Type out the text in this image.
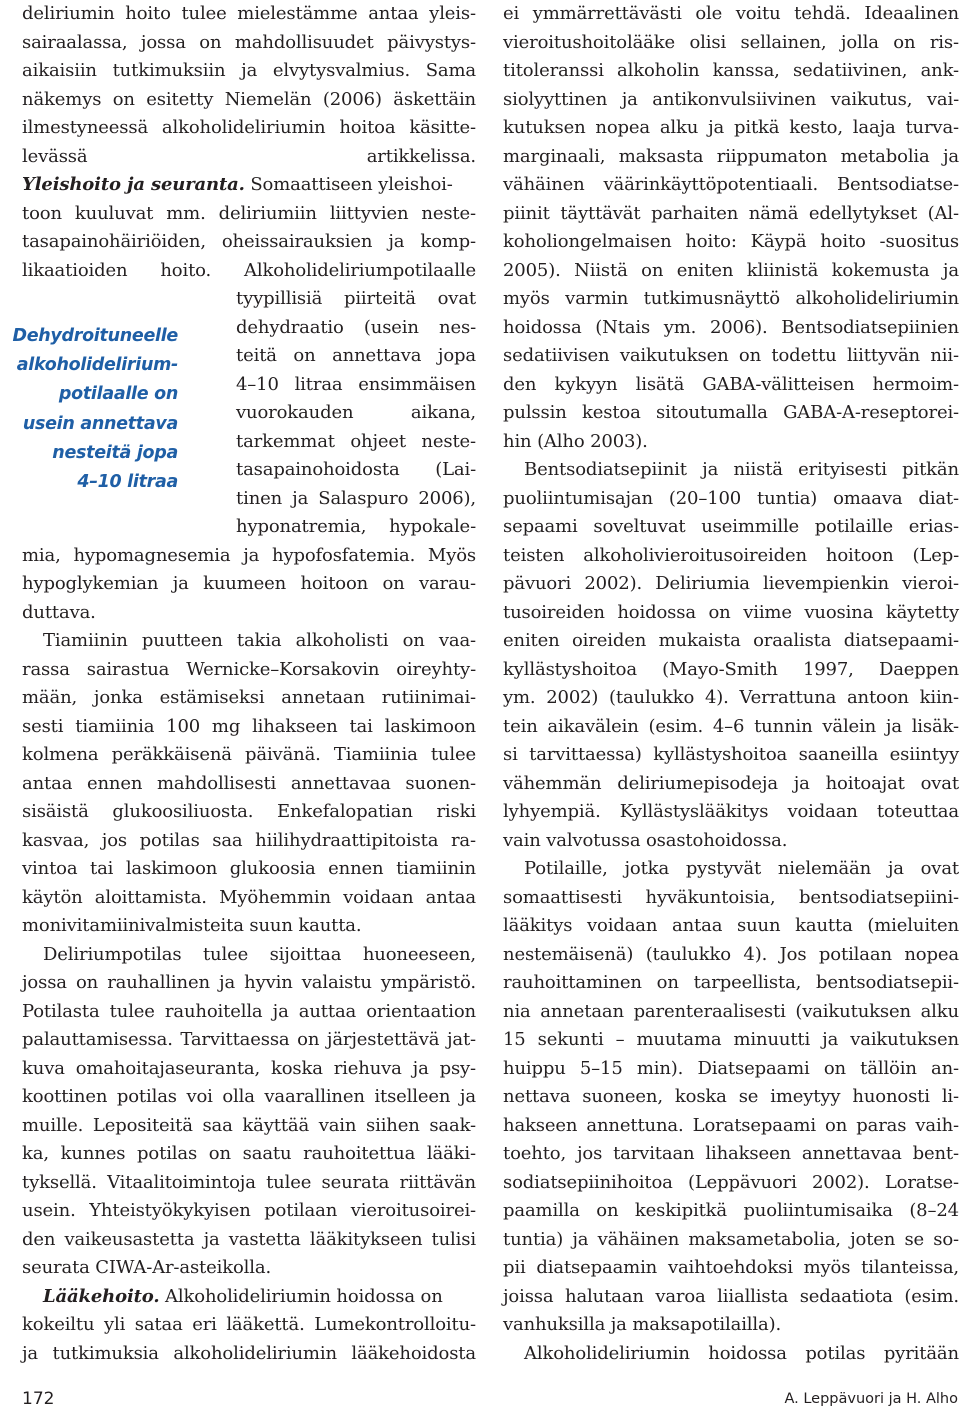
deliriumin hoito tulee mielestämme antaa yleis-
sairaalassa, jossa on mahdollisuudet päivystys-
aikaisiin tutkimuksiin ja elvytysvalmius. Sama
näkemys on esitetty Niemelän (2006) äskettäin
ilmestyneessä alkoholideliriumin hoitoa käsitte-
levässä	artikkelissa.
Yleishoito ja seuranta. Somaattiseen yleishoi-
toon kuuluvat mm. deliriumiin liittyvien neste-
tasapainohäiriöiden, oheissairauksien ja komp-
likaatioiden hoito. Alkoholideliriumpotilaalle
tyypillisiä piirteitä ovat
dehydraatio (usein nes-
teitä on annettava jopa
4–10 litraa ensimmäisen
vuorokauden	aikana,
tarkemmat ohjeet neste-
tasapainohoidosta (Lai-
tinen ja Salaspuro 2006),
hyponatremia, hypokale-
mia, hypomagnesemia ja hypofosfatemia. Myös
hypoglykemian ja kuumeen hoitoon on varau-
duttava.
Tiamiinin puutteen takia alkoholisti on vaa-
rassa sairastua Wernicke–Korsakovin oireyhty-
mään, jonka estämiseksi annetaan rutiinimai-
sesti tiamiinia 100 mg lihakseen tai laskimoon
kolmena peräkkäisenä päivänä. Tiamiinia tulee
antaa ennen mahdollisesti annettavaa suonen-
sisäistä glukoosiliuosta. Enkefalopatian riski
kasvaa, jos potilas saa hiilihydraattipitoista ra-
vintoa tai laskimoon glukoosia ennen tiamiinin
käytön aloittamista. Myöhemmin voidaan antaa
monivitamiinivalmisteita suun kautta.
Deliriumpotilas tulee sijoittaa huoneeseen,
jossa on rauhallinen ja hyvin valaistu ympäristö.
Potilasta tulee rauhoitella ja auttaa orientaation
palauttamisessa. Tarvittaessa on järjestettävä jat-
kuva omahoitajaseuranta, koska riehuva ja psy-
koottinen potilas voi olla vaarallinen itselleen ja
muille. Lepositeitä saa käyttää vain siihen saak-
ka, kunnes potilas on saatu rauhoitettua lääki-
tyksellä. Vitaalitoimintoja tulee seurata riittävän
usein. Yhteistyökykyisen potilaan vieroitusoirei-
den vaikeusastetta ja vastetta lääkitykseen tulisi
seurata CIWA-Ar-asteikolla.
Lääkehoito. Alkoholideliriumin hoidossa on
kokeiltu yli sataa eri lääkettä. Lumekontrolloitu-
ja tutkimuksia alkoholideliriumin lääkehoidosta
Dehydroituneelle
alkoholidelirium-
potilaalle on
usein annettava
nesteitä jopa
4–10 litraa
ei ymmärrettävästi ole voitu tehdä. Ideaalinen
vieroitushoitolääke olisi sellainen, jolla on ris-
titoleranssi alkoholin kanssa, sedatiivinen, ank-
siolyyttinen ja antikonvulsiivinen vaikutus, vai-
kutuksen nopea alku ja pitkä kesto, laaja turva-
marginaali, maksasta riippumaton metabolia ja
vähäinen väärinkäyttöpotentiaali. Bentsodiatse-
piinit täyttävät parhaiten nämä edellytykset (Al-
koholiongelmaisen hoito: Käypä hoito -suositus
2005). Niistä on eniten kliinistä kokemusta ja
myös varmin tutkimusnäyttö alkoholideliriumin
hoidossa (Ntais ym. 2006). Bentsodiatsepiinien
sedatiivisen vaikutuksen on todettu liittyvän nii-
den kykyyn lisätä GABA-välitteisen hermoim-
pulssin kestoa sitoutumalla GABA-A-reseptorei-
hin (Alho 2003).
Bentsodiatsepiinit ja niistä erityisesti pitkän
puoliintumisajan (20–100 tuntia) omaava diat-
sepaami soveltuvat useimmille potilaille erias-
teisten alkoholivieroitusoireiden hoitoon (Lep-
pävuori 2002). Deliriumia lievempienkin vieroi-
tusoireiden hoidossa on viime vuosina käytetty
eniten oireiden mukaista oraalista diatsepaami-
kyllästyshoitoa (Mayo-Smith 1997, Daeppen
ym. 2002) (taulukko 4). Verrattuna antoon kiin-
tein aikavälein (esim. 4–6 tunnin välein ja lisäk-
si tarvittaessa) kyllästyshoitoa saaneilla esiintyy
vähemmän deliriumepisodeja ja hoitoajat ovat
lyhyempiä. Kyllästyslääkitys voidaan toteuttaa
vain valvotussa osastohoidossa.
Potilaille, jotka pystyvät nielemään ja ovat
somaattisesti hyväkuntoisia, bentsodiatsepiini-
lääkitys voidaan antaa suun kautta (mieluiten
nestemäisenä) (taulukko 4). Jos potilaan nopea
rauhoittaminen on tarpeellista, bentsodiatsepii-
nia annetaan parenteraalisesti (vaikutuksen alku
15 sekunti – muutama minuutti ja vaikutuksen
huippu 5–15 min). Diatsepaami on tällöin an-
nettava suoneen, koska se imeytyy huonosti li-
hakseen annettuna. Loratsepaami on paras vaih-
toehto, jos tarvitaan lihakseen annettavaa bent-
sodiatsepiinihoitoa (Leppävuori 2002). Loratse-
paamilla on keskipitkä puoliintumisaika (8–24
tuntia) ja vähäinen maksametabolia, joten se so-
pii diatsepaamin vaihtoehdoksi myös tilanteissa,
joissa halutaan varoa liiallista sedaatiota (esim.
vanhuksilla ja maksapotilailla).
Alkoholideliriumin hoidossa potilas pyritään
172	A. Leppävuori ja H. Alho
